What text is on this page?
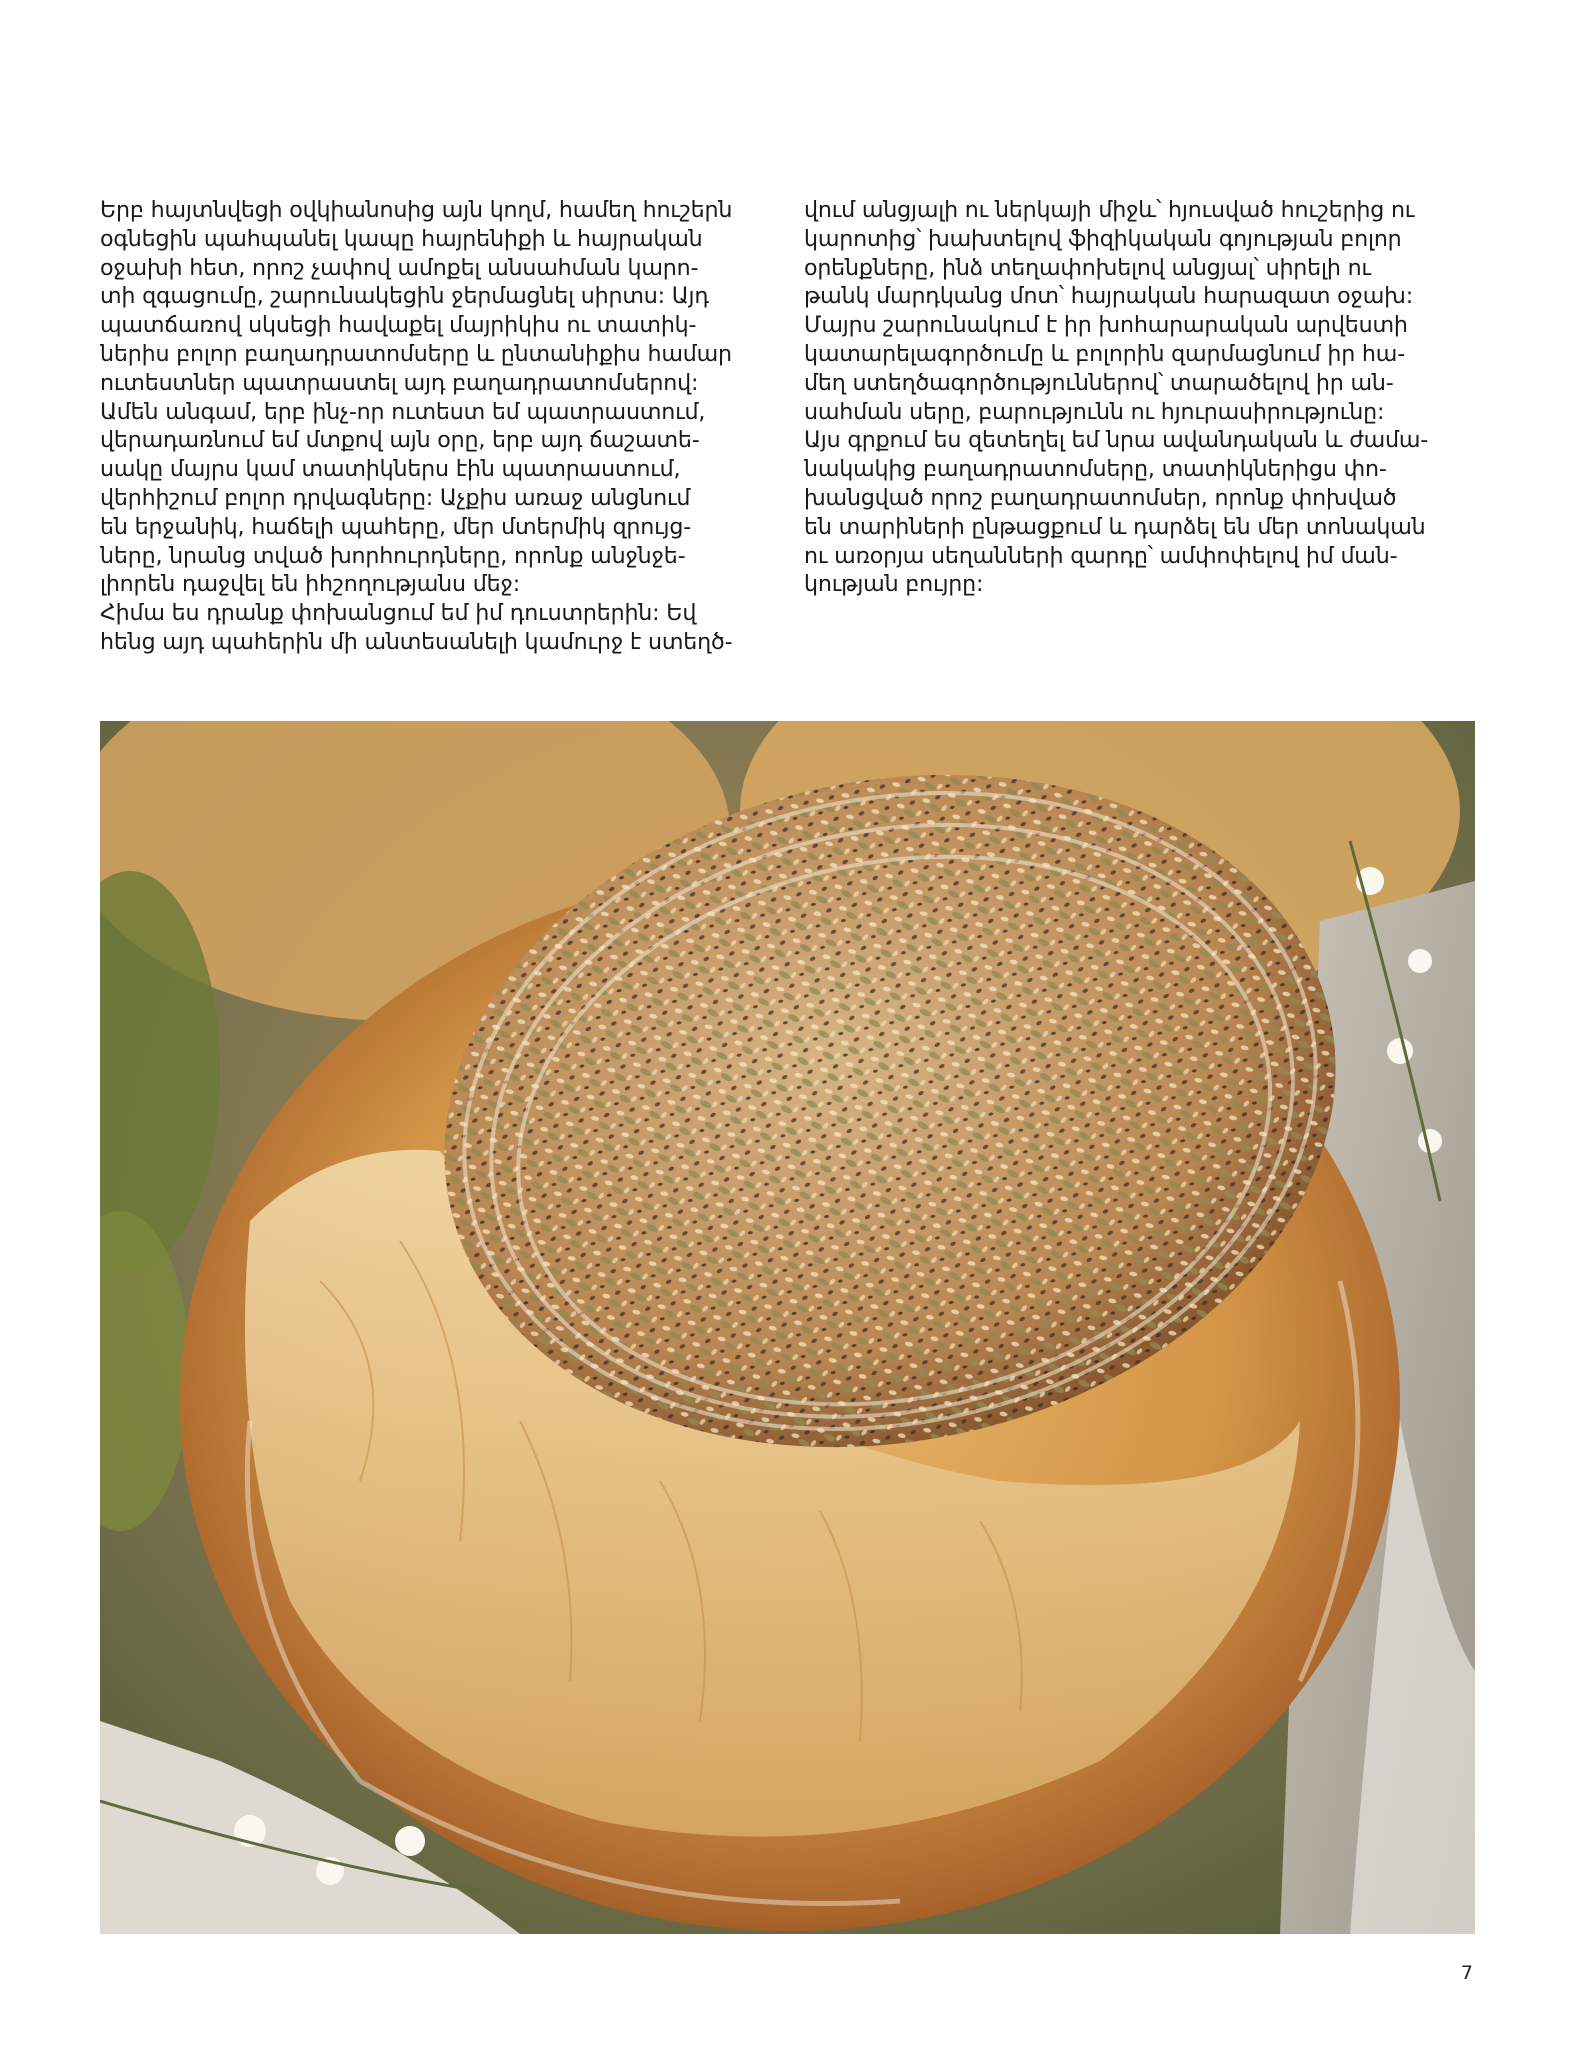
Երբ հայտնվեցի օվկիանոսից այն կողմ, համեղ հուշերն
օգնեցին պահպանել կապը հայրենիքի և հայրական
օջախի հետ, որոշ չափով ամոքել անսահման կարո-
տի զգացումը, շարունակեցին ջերմացնել սիրտս: Այդ
պատճառով սկսեցի հավաքել մայրիկիս ու տատիկ-
ներիս բոլոր բաղադրատոմսերը և ընտանիքիս համար
ուտեստներ պատրաստել այդ բաղադրատոմսերով:
Ամեն անգամ, երբ ինչ-որ ուտեստ եմ պատրաստում,
վերադառնում եմ մտքով այն օրը, երբ այդ ճաշատե-
սակը մայրս կամ տատիկներս էին պատրաստում,
վերհիշում բոլոր դրվագները: Աչքիս առաջ անցնում
են երջանիկ, հաճելի պահերը, մեր մտերմիկ զրույց-
ները, նրանց տված խորհուրդները, որոնք անջնջե-
լիորեն դաջվել են իհշողությանս մեջ:
Հիմա ես դրանք փոխանցում եմ իմ դուստրերին: Եվ
հենց այդ պահերին մի անտեսանելի կամուրջ է ստեղծ-
վում անցյալի ու ներկայի միջև՝ հյուսված հուշերից ու
կարոտից՝ խախտելով ֆիզիկական գոյության բոլոր
օրենքները, ինձ տեղափոխելով անցյալ՝ սիրելի ու
թանկ մարդկանց մոտ՝ հայրական հարազատ օջախ:
Մայրս շարունակում է իր խոհարարական արվեստի
կատարելագործումը և բոլորին զարմացնում իր հա-
մեղ ստեղծագործություններով՝ տարածելով իր ան-
սահման սերը, բարությունն ու հյուրասիրությունը:
Այս գրքում ես զետեղել եմ նրա ավանդական և ժամա-
նակակից բաղադրատոմսերը, տատիկներիցս փո-
խանցված որոշ բաղադրատոմսեր, որոնք փոխված
են տարիների ընթացքում և դարձել են մեր տոնական
ու առօրյա սեղանների զարդը՝ ամփոփելով իմ ման-
կության բույրը:
7
